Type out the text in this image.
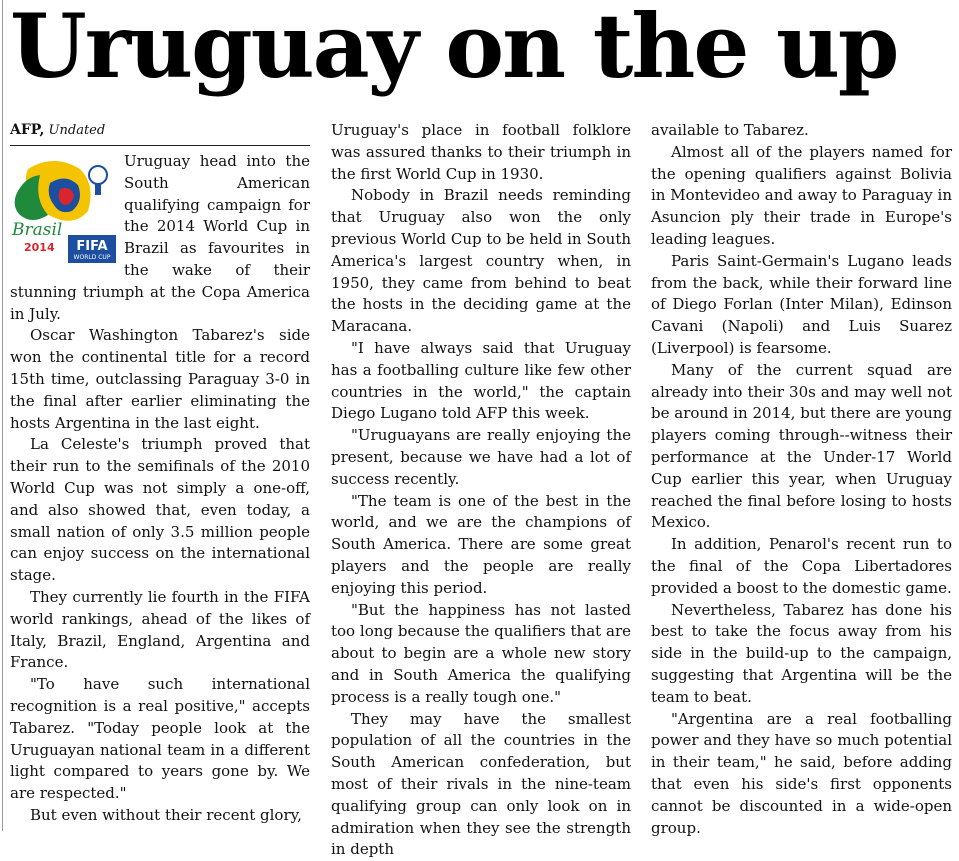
Uruguay on the up
AFP, Undated
Brasil
2014 FIFA
WORLD CUP

Uruguay head into the South American qualifying campaign for the 2014 World Cup in Brazil as favourites in the wake of their stunning triumph at the Copa America in July.

Oscar Washington Tabarez's side won the continental title for a record 15th time, outclassing Paraguay 3-0 in the final after earlier eliminating the hosts Argentina in the last eight.

La Celeste's triumph proved that their run to the semifinals of the 2010 World Cup was not simply a one-off, and also showed that, even today, a small nation of only 3.5 million people can enjoy success on the international stage.

They currently lie fourth in the FIFA world rankings, ahead of the likes of Italy, Brazil, England, Argentina and France.

"To have such international recognition is a real positive," accepts Tabarez. "Today people look at the Uruguayan national team in a different light compared to years gone by. We are respected."

But even without their recent glory,

Uruguay's place in football folklore was assured thanks to their triumph in the first World Cup in 1930.

Nobody in Brazil needs reminding that Uruguay also won the only previous World Cup to be held in South America's largest country when, in 1950, they came from behind to beat the hosts in the deciding game at the Maracana.

"I have always said that Uruguay has a footballing culture like few other countries in the world," the captain Diego Lugano told AFP this week.

"Uruguayans are really enjoying the present, because we have had a lot of success recently.

"The team is one of the best in the world, and we are the champions of South America. There are some great players and the people are really enjoying this period.

"But the happiness has not lasted too long because the qualifiers that are about to begin are a whole new story and in South America the qualifying process is a really tough one."

They may have the smallest population of all the countries in the South American confederation, but most of their rivals in the nine-team qualifying group can only look on in admiration when they see the strength in depth

available to Tabarez.

Almost all of the players named for the opening qualifiers against Bolivia in Montevideo and away to Paraguay in Asuncion ply their trade in Europe's leading leagues.

Paris Saint-Germain's Lugano leads from the back, while their forward line of Diego Forlan (Inter Milan), Edinson Cavani (Napoli) and Luis Suarez (Liverpool) is fearsome.

Many of the current squad are already into their 30s and may well not be around in 2014, but there are young players coming through--witness their performance at the Under-17 World Cup earlier this year, when Uruguay reached the final before losing to hosts Mexico.

In addition, Penarol's recent run to the final of the Copa Libertadores provided a boost to the domestic game.

Nevertheless, Tabarez has done his best to take the focus away from his side in the build-up to the campaign, suggesting that Argentina will be the team to beat.

"Argentina are a real footballing power and they have so much potential in their team," he said, before adding that even his side's first opponents cannot be discounted in a wide-open group.
